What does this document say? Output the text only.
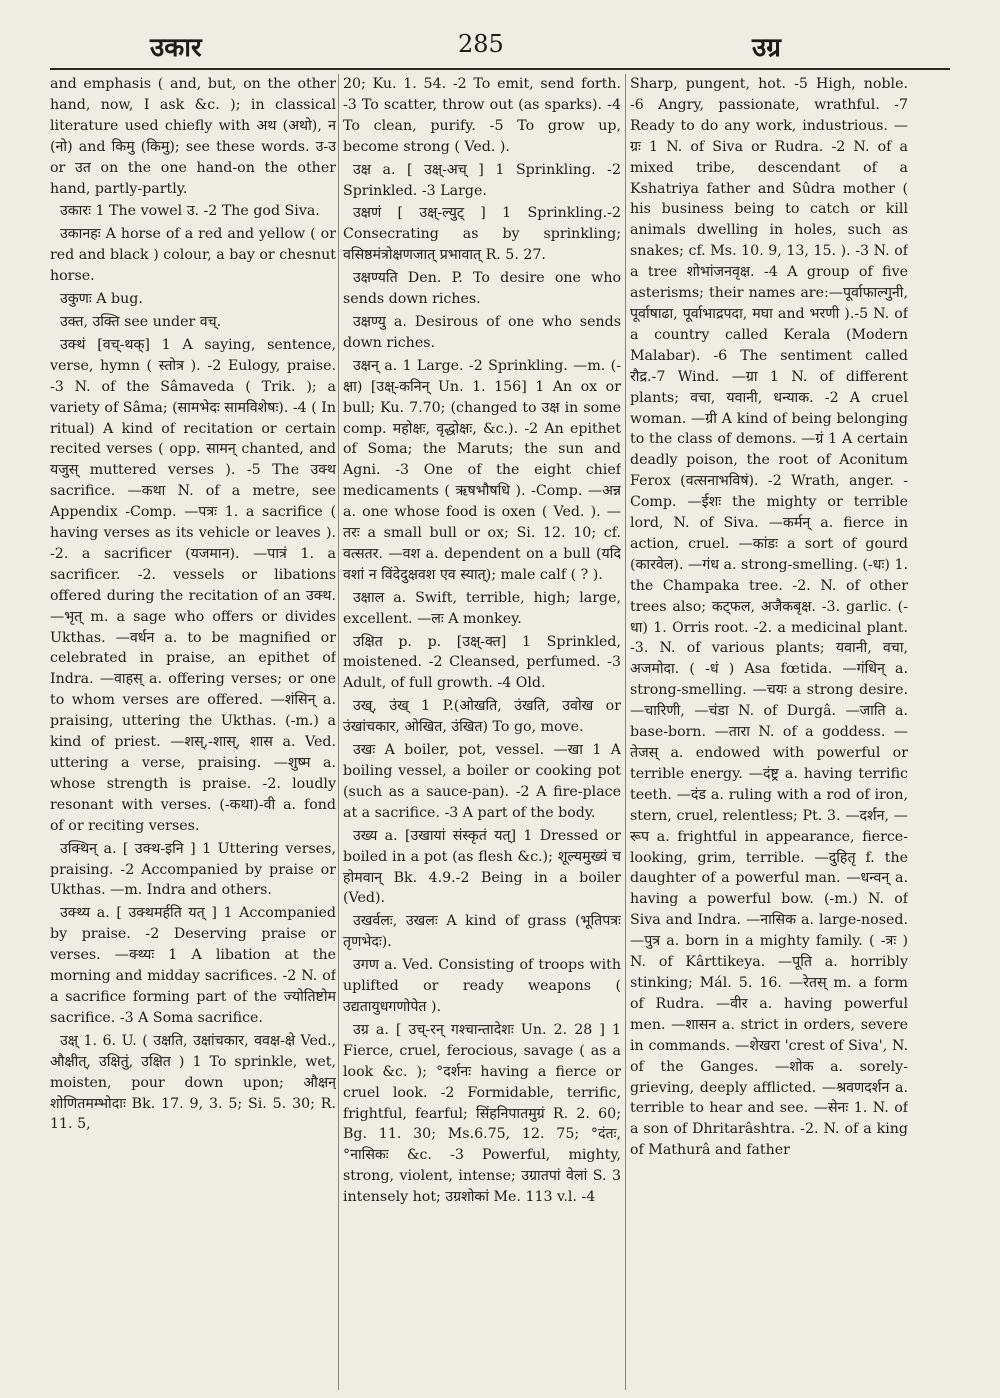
उकार	285	उग्र

and emphasis ( and, but, on the other hand, now, I ask &c. ); in classical literature used chiefly with अथ (अथो), न (नो) and किमु (किमु); see these words. उ-उ or उत on the one hand-on the other hand, partly-partly.

उकारः 1 The vowel उ. -2 The god Siva.

उकानहः A horse of a red and yellow ( or red and black ) colour, a bay or chesnut horse.

उकुणः A bug.

उक्त, उक्ति see under वच्.

उक्थं [वच्-थक्] 1 A saying, sentence, verse, hymn ( स्तोत्र ). -2 Eulogy, praise. -3 N. of the Sâmaveda ( Trik. ); a variety of Sâma; (सामभेदः सामविशेषः). -4 ( In ritual) A kind of recitation or certain recited verses ( opp. सामन् chanted, and यजुस् muttered verses ). -5 The उक्थ sacrifice. —कथा N. of a metre, see Appendix -Comp. —पत्रः 1. a sacrifice ( having verses as its vehicle or leaves ). -2. a sacrificer (यजमान). —पात्रं 1. a sacrificer. -2. vessels or libations offered during the recitation of an उक्थ. —भृत् m. a sage who offers or divides Ukthas. —वर्धन a. to be magnified or celebrated in praise, an epithet of Indra. —वाहस् a. offering verses; or one to whom verses are offered. —शंसिन् a. praising, uttering the Ukthas. (-m.) a kind of priest. —शस्,-शास्, शास a. Ved. uttering a verse, praising. —शुष्म a. whose strength is praise. -2. loudly resonant with verses. (-कथा)-वी a. fond of or reciting verses.

उक्थिन् a. [ उक्थ-इनि ] 1 Uttering verses, praising. -2 Accompanied by praise or Ukthas. —m. Indra and others.

उक्थ्य a. [ उक्थमर्हति यत् ] 1 Accompanied by praise. -2 Deserving praise or verses. —क्थ्यः 1 A libation at the morning and midday sacrifices. -2 N. of a sacrifice forming part of the ज्योतिष्टोम sacrifice. -3 A Soma sacrifice.

उक्ष् 1. 6. U. ( उक्षति, उक्षांचकार, ववक्ष-क्षे Ved., औक्षीत्, उक्षितुं, उक्षित ) 1 To sprinkle, wet, moisten, pour down upon; औक्षन् शोणितमम्भोदाः Bk. 17. 9, 3. 5; Si. 5. 30; R. 11. 5,

20; Ku. 1. 54. -2 To emit, send forth. -3 To scatter, throw out (as sparks). -4 To clean, purify. -5 To grow up, become strong ( Ved. ).

उक्ष a. [ उक्ष्-अच् ] 1 Sprinkling. -2 Sprinkled. -3 Large.

उक्षणं [ उक्ष्-ल्युट् ] 1 Sprinkling.-2 Consecrating as by sprinkling; वसिष्ठमंत्रोक्षणजात् प्रभावात् R. 5. 27.

उक्षण्यति Den. P. To desire one who sends down riches.

उक्षण्यु a. Desirous of one who sends down riches.

उक्षन् a. 1 Large. -2 Sprinkling. —m. (-क्षा) [उक्ष्-कनिन् Un. 1. 156] 1 An ox or bull; Ku. 7.70; (changed to उक्ष in some comp. महोक्षः, वृद्धोक्षः, &c.). -2 An epithet of Soma; the Maruts; the sun and Agni. -3 One of the eight chief medicaments ( ऋषभौषधि ). -Comp. —अन्न a. one whose food is oxen ( Ved. ). —तरः a small bull or ox; Si. 12. 10; cf. वत्सतर. —वश a. dependent on a bull (यदि वशां न विंदेदुक्षवश एव स्यात्); male calf ( ? ).

उक्षाल a. Swift, terrible, high; large, excellent. —लः A monkey.

उक्षित p. p. [उक्ष्-क्त] 1 Sprinkled, moistened. -2 Cleansed, perfumed. -3 Adult, of full growth. -4 Old.

उख्, उंख् 1 P.(ओखति, उंखति, उवोख or उंखांचकार, ओखित, उंखित) To go, move.

उखः A boiler, pot, vessel. —खा 1 A boiling vessel, a boiler or cooking pot (such as a sauce-pan). -2 A fire-place at a sacrifice. -3 A part of the body.

उख्य a. [उखायां संस्कृतं यत्] 1 Dressed or boiled in a pot (as flesh &c.); शूल्यमुख्यं च होमवान् Bk. 4.9.-2 Being in a boiler (Ved).

उखर्वलः, उखलः A kind of grass (भूतिपत्रः तृणभेदः).

उगण a. Ved. Consisting of troops with uplifted or ready weapons ( उद्यतायुधगणोपेत ).

उग्र a. [ उच्-रन् गश्चान्तादेशः Un. 2. 28 ] 1 Fierce, cruel, ferocious, savage ( as a look &c. ); °दर्शनः having a fierce or cruel look. -2 Formidable, terrific, frightful, fearful; सिंहनिपातमुग्रं R. 2. 60; Bg. 11. 30; Ms.6.75, 12. 75; °दंतः, °नासिकः &c. -3 Powerful, mighty, strong, violent, intense; उग्रातपां वेलां S. 3 intensely hot; उग्रशोकां Me. 113 v.l. -4

Sharp, pungent, hot. -5 High, noble. -6 Angry, passionate, wrathful. -7 Ready to do any work, industrious. —ग्रः 1 N. of Siva or Rudra. -2 N. of a mixed tribe, descendant of a Kshatriya father and Sûdra mother ( his business being to catch or kill animals dwelling in holes, such as snakes; cf. Ms. 10. 9, 13, 15. ). -3 N. of a tree शोभांजनवृक्ष. -4 A group of five asterisms; their names are:—पूर्वाफाल्गुनी, पूर्वाषाढा, पूर्वाभाद्रपदा, मघा and भरणी ).-5 N. of a country called Kerala (Modern Malabar). -6 The sentiment called रौद्र.-7 Wind. —ग्रा 1 N. of different plants; वचा, यवानी, धन्याक. -2 A cruel woman. —ग्री A kind of being belonging to the class of demons. —ग्रं 1 A certain deadly poison, the root of Aconitum Ferox (वत्सनाभविषं). -2 Wrath, anger. -Comp. —ईशः the mighty or terrible lord, N. of Siva. —कर्मन् a. fierce in action, cruel. —कांडः a sort of gourd (कारवेल). —गंध a. strong-smelling. (-धः) 1. the Champaka tree. -2. N. of other trees also; कट्फल, अजैकबृक्ष. -3. garlic. (-धा) 1. Orris root. -2. a medicinal plant. -3. N. of various plants; यवानी, वचा, अजमोदा. ( -धं ) Asa fœtida. —गंधिन् a. strong-smelling. —चयः a strong desire. —चारिणी, —चंडा N. of Durgâ. —जाति a. base-born. —तारा N. of a goddess. —तेजस् a. endowed with powerful or terrible energy. —दंष्ट्र a. having terrific teeth. —दंड a. ruling with a rod of iron, stern, cruel, relentless; Pt. 3. —दर्शन, —रूप a. frightful in appearance, fierce-looking, grim, terrible. —दुहितृ f. the daughter of a powerful man. —धन्वन् a. having a powerful bow. (-m.) N. of Siva and Indra. —नासिक a. large-nosed. —पुत्र a. born in a mighty family. ( -त्रः ) N. of Kârttikeya. —पूति a. horribly stinking; Mál. 5. 16. —रेतस् m. a form of Rudra. —वीर a. having powerful men. —शासन a. strict in orders, severe in commands. —शेखरा 'crest of Siva', N. of the Ganges. —शोक a. sorely-grieving, deeply afflicted. —श्रवणदर्शन a. terrible to hear and see. —सेनः 1. N. of a son of Dhritarâshtra. -2. N. of a king of Mathurâ and father
